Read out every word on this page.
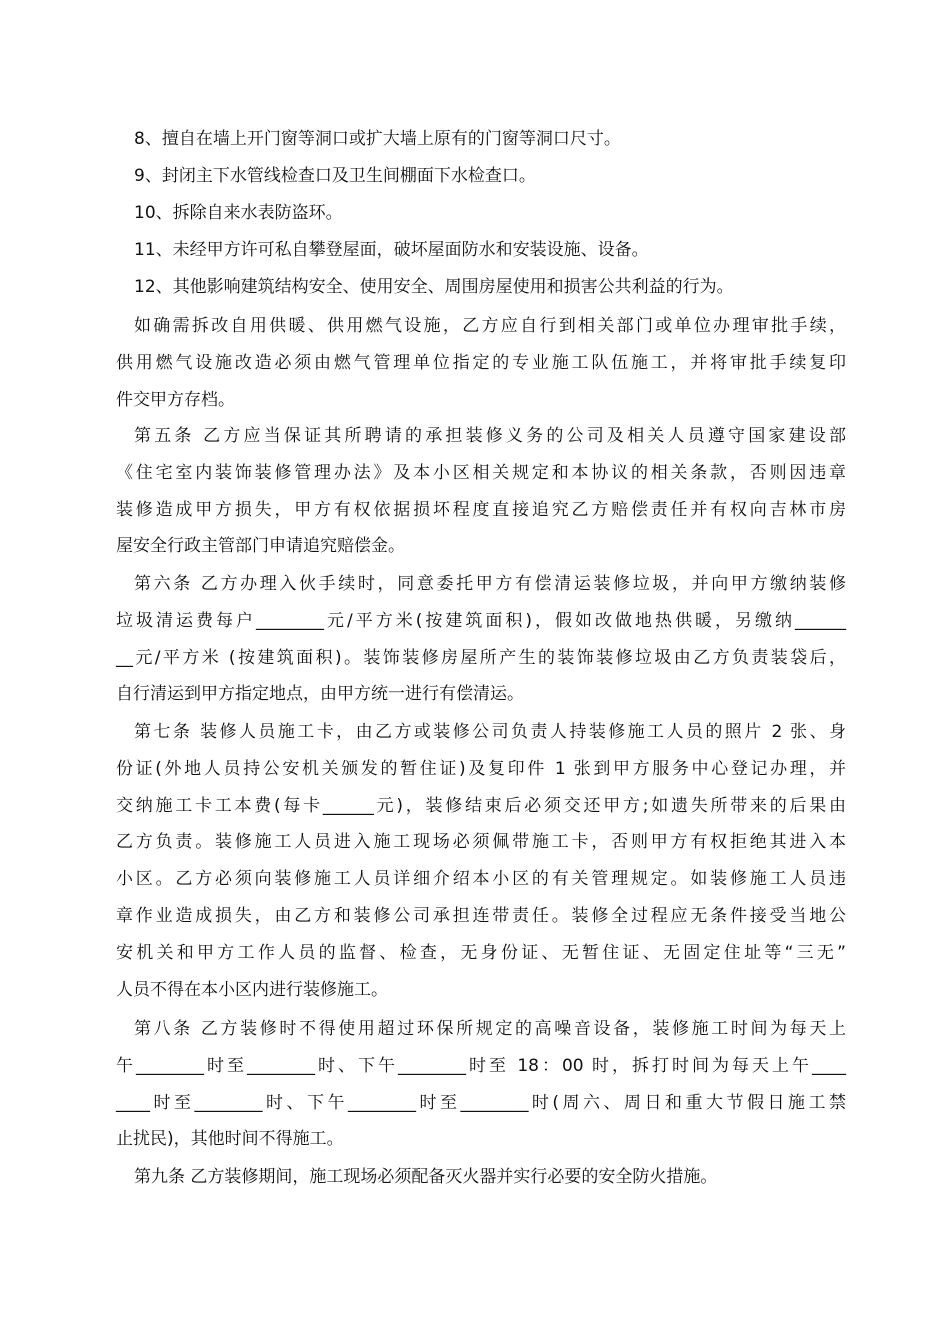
8、擅自在墙上开门窗等洞口或扩大墙上原有的门窗等洞口尺寸。
9、封闭主下水管线检查口及卫生间棚面下水检查口。
10、拆除自来水表防盗环。
11、未经甲方许可私自攀登屋面，破坏屋面防水和安装设施、设备。
12、其他影响建筑结构安全、使用安全、周围房屋使用和损害公共利益的行为。
如确需拆改自用供暖、供用燃气设施，乙方应自行到相关部门或单位办理审批手续，
供用燃气设施改造必须由燃气管理单位指定的专业施工队伍施工，并将审批手续复印
件交甲方存档。
第五条 乙方应当保证其所聘请的承担装修义务的公司及相关人员遵守国家建设部
《住宅室内装饰装修管理办法》及本小区相关规定和本协议的相关条款，否则因违章
装修造成甲方损失，甲方有权依据损坏程度直接追究乙方赔偿责任并有权向吉林市房
屋安全行政主管部门申请追究赔偿金。
第六条 乙方办理入伙手续时，同意委托甲方有偿清运装修垃圾，并向甲方缴纳装修
垃圾清运费每户________元/平方米(按建筑面积)，假如改做地热供暖，另缴纳______
__元/平方米 (按建筑面积)。装饰装修房屋所产生的装饰装修垃圾由乙方负责装袋后，
自行清运到甲方指定地点，由甲方统一进行有偿清运。
第七条 装修人员施工卡，由乙方或装修公司负责人持装修施工人员的照片 2 张、身
份证(外地人员持公安机关颁发的暂住证)及复印件 1 张到甲方服务中心登记办理，并
交纳施工卡工本费(每卡______元)，装修结束后必须交还甲方;如遗失所带来的后果由
乙方负责。装修施工人员进入施工现场必须佩带施工卡，否则甲方有权拒绝其进入本
小区。乙方必须向装修施工人员详细介绍本小区的有关管理规定。如装修施工人员违
章作业造成损失，由乙方和装修公司承担连带责任。装修全过程应无条件接受当地公
安机关和甲方工作人员的监督、检查，无身份证、无暂住证、无固定住址等“三无”
人员不得在本小区内进行装修施工。
第八条 乙方装修时不得使用超过环保所规定的高噪音设备，装修施工时间为每天上
午________时至________时、下午________时至 18：00 时，拆打时间为每天上午____
____时至________时、下午________时至________时(周六、周日和重大节假日施工禁
止扰民)，其他时间不得施工。
第九条 乙方装修期间，施工现场必须配备灭火器并实行必要的安全防火措施。
